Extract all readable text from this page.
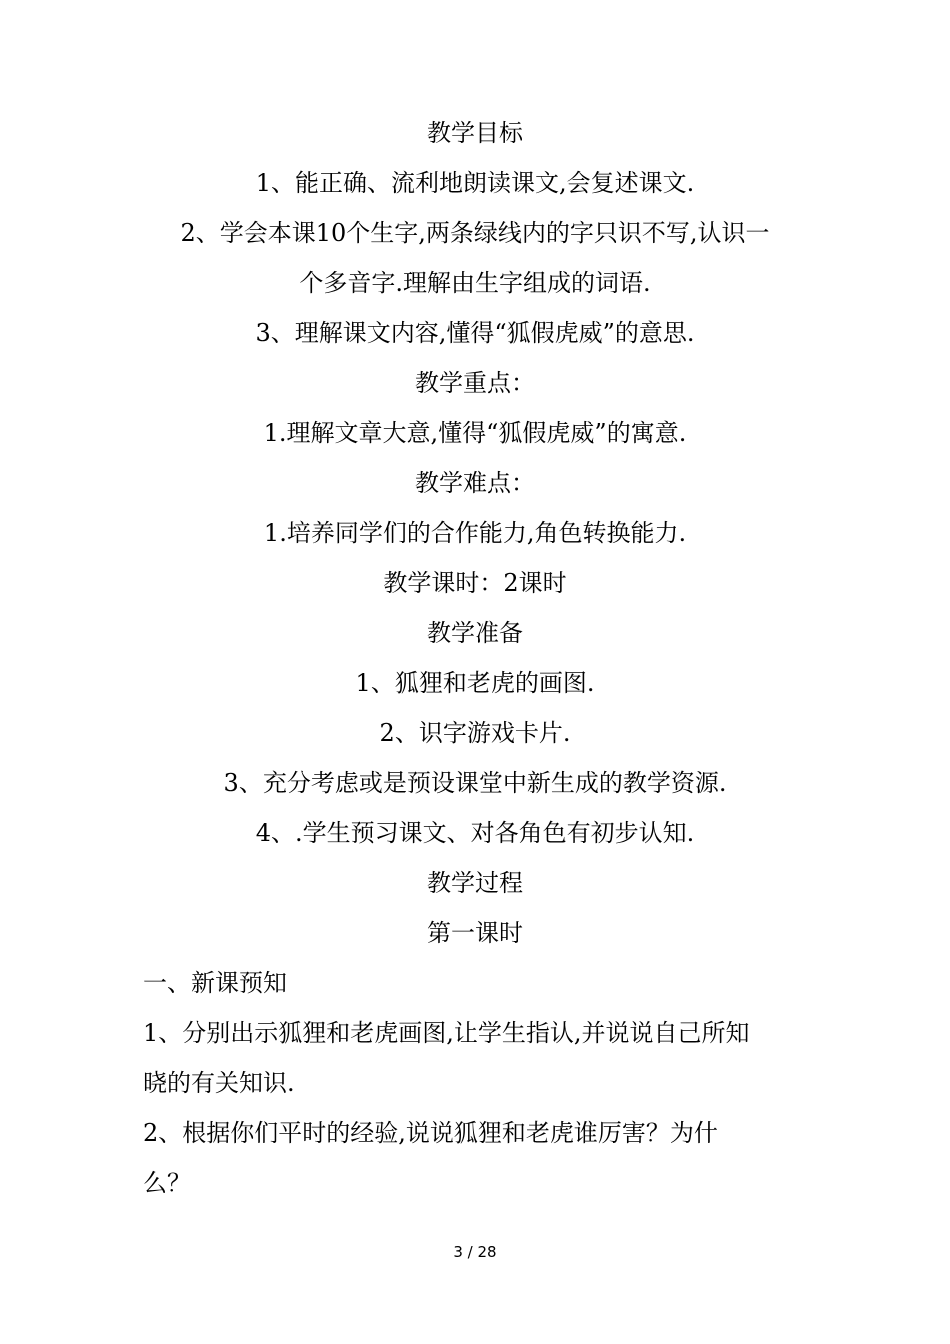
教学目标
1、能正确、流利地朗读课文,会复述课文.
2、学会本课10个生字,两条绿线内的字只识不写,认识一
个多音字.理解由生字组成的词语.
3、理解课文内容,懂得“狐假虎威”的意思.
教学重点：
1.理解文章大意,懂得“狐假虎威”的寓意.
教学难点：
1.培养同学们的合作能力,角色转换能力.
教学课时：2课时
教学准备
1、狐狸和老虎的画图.
2、识字游戏卡片.
3、充分考虑或是预设课堂中新生成的教学资源.
4、.学生预习课文、对各角色有初步认知.
教学过程
第一课时
一、新课预知
1、分别出示狐狸和老虎画图,让学生指认,并说说自己所知
晓的有关知识.
2、根据你们平时的经验,说说狐狸和老虎谁厉害？为什
么？
3 / 28
